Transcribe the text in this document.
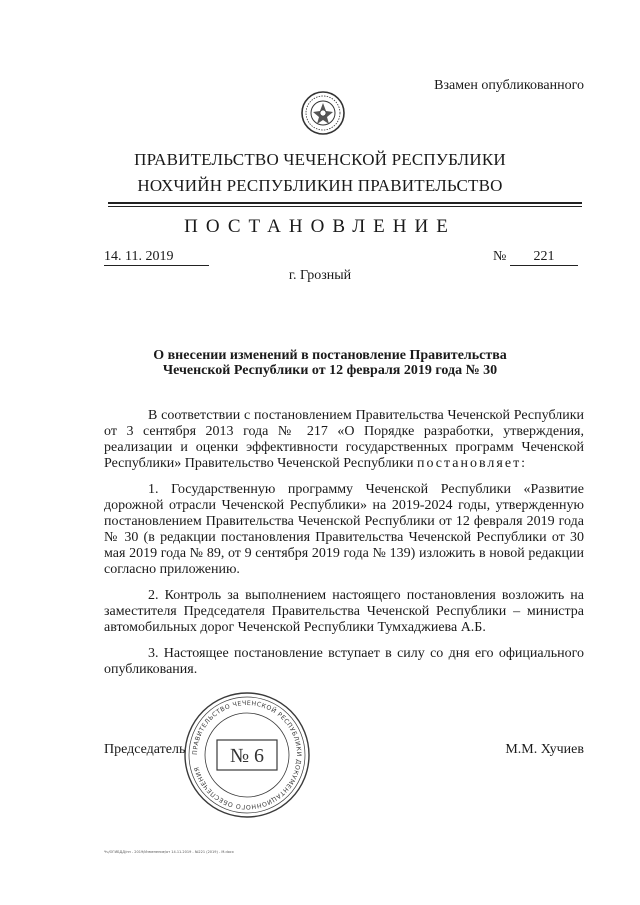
Взамен опубликованного
ПРАВИТЕЛЬСТВО ЧЕЧЕНСКОЙ РЕСПУБЛИКИ
НОХЧИЙН РЕСПУБЛИКИН ПРАВИТЕЛЬСТВО
ПОСТАНОВЛЕНИЕ
14. 11. 2019	№	221
г. Грозный
О внесении изменений в постановление Правительства
Чеченской Республики от 12 февраля 2019 года № 30

В соответствии с постановлением Правительства Чеченской Республики от 3 сентября 2013 года № 217 «О Порядке разработки, утверждения, реализации и оценки эффективности государственных программ Чеченской Республики» Правительство Чеченской Республики постановляет:

1. Государственную программу Чеченской Республики «Развитие дорожной отрасли Чеченской Республики» на 2019-2024 годы, утвержденную постановлением Правительства Чеченской Республики от 12 февраля 2019 года № 30 (в редакции постановления Правительства Чеченской Республики от 30 мая 2019 года № 89, от 9 сентября 2019 года № 139) изложить в новой редакции согласно приложению.

2. Контроль за выполнением настоящего постановления возложить на заместителя Председателя Правительства Чеченской Республики – министра автомобильных дорог Чеченской Республики Тумхаджиева А.Б.

3. Настоящее постановление вступает в силу со дня его официального опубликования.

Председатель	М.М. Хучиев
ПРАВИТЕЛЬСТВО ЧЕЧЕНСКОЙ РЕСПУБЛИКИ ДОКУМЕНТАЦИОННОГО ОБЕСПЕЧЕНИЯ
№ 6
Чч/ОГИБДД/пп - 2019/Изменение/от 14.11.2019 - №221 (2019) - М.docx
